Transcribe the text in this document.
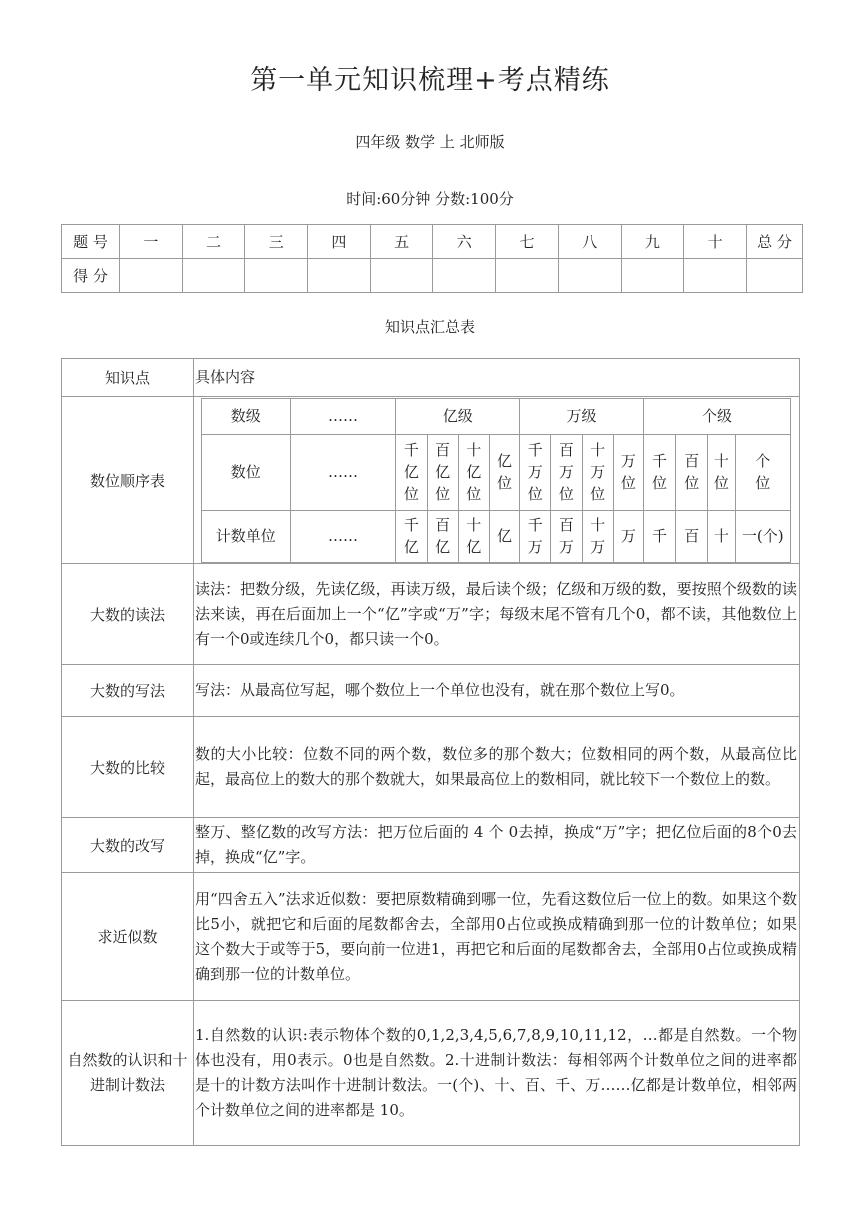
第一单元知识梳理+考点精练
四年级 数学 上 北师版
时间:60分钟 分数:100分
题 号	一	二	三	四	五	六	七	八	九	十	总 分
得 分											
知识点汇总表
知识点	具体内容
数位顺序表	
数级	……	亿级	万级	个级
数位	……	千亿位	百亿位	十亿位	亿位	千万位	百万位	十万位	万位	千位	百位	十位	个位
计数单位	……	千亿	百亿	十亿	亿	千万	百万	十万	万	千	百	十	一(个)

大数的读法	读法：把数分级，先读亿级，再读万级，最后读个级；亿级和万级的数，要按照个级数的读法来读，再在后面加上一个“亿”字或“万”字；每级末尾不管有几个0，都不读，其他数位上有一个0或连续几个0，都只读一个0。
大数的写法	写法：从最高位写起，哪个数位上一个单位也没有，就在那个数位上写0。
大数的比较	数的大小比较：位数不同的两个数，数位多的那个数大；位数相同的两个数，从最高位比起，最高位上的数大的那个数就大，如果最高位上的数相同，就比较下一个数位上的数。
大数的改写	整万、整亿数的改写方法：把万位后面的 4 个 0去掉，换成“万”字；把亿位后面的8个0去掉，换成“亿”字。
求近似数	用“四舍五入”法求近似数：要把原数精确到哪一位，先看这数位后一位上的数。如果这个数比5小，就把它和后面的尾数都舍去，全部用0占位或换成精确到那一位的计数单位；如果这个数大于或等于5，要向前一位进1，再把它和后面的尾数都舍去，全部用0占位或换成精确到那一位的计数单位。
自然数的认识和十进制计数法	1.自然数的认识:表示物体个数的0,1,2,3,4,5,6,7,8,9,10,11,12，…都是自然数。一个物体也没有，用0表示。0也是自然数。2.十进制计数法：每相邻两个计数单位之间的进率都是十的计数方法叫作十进制计数法。一(个)、十、百、千、万……亿都是计数单位，相邻两个计数单位之间的进率都是 10。
